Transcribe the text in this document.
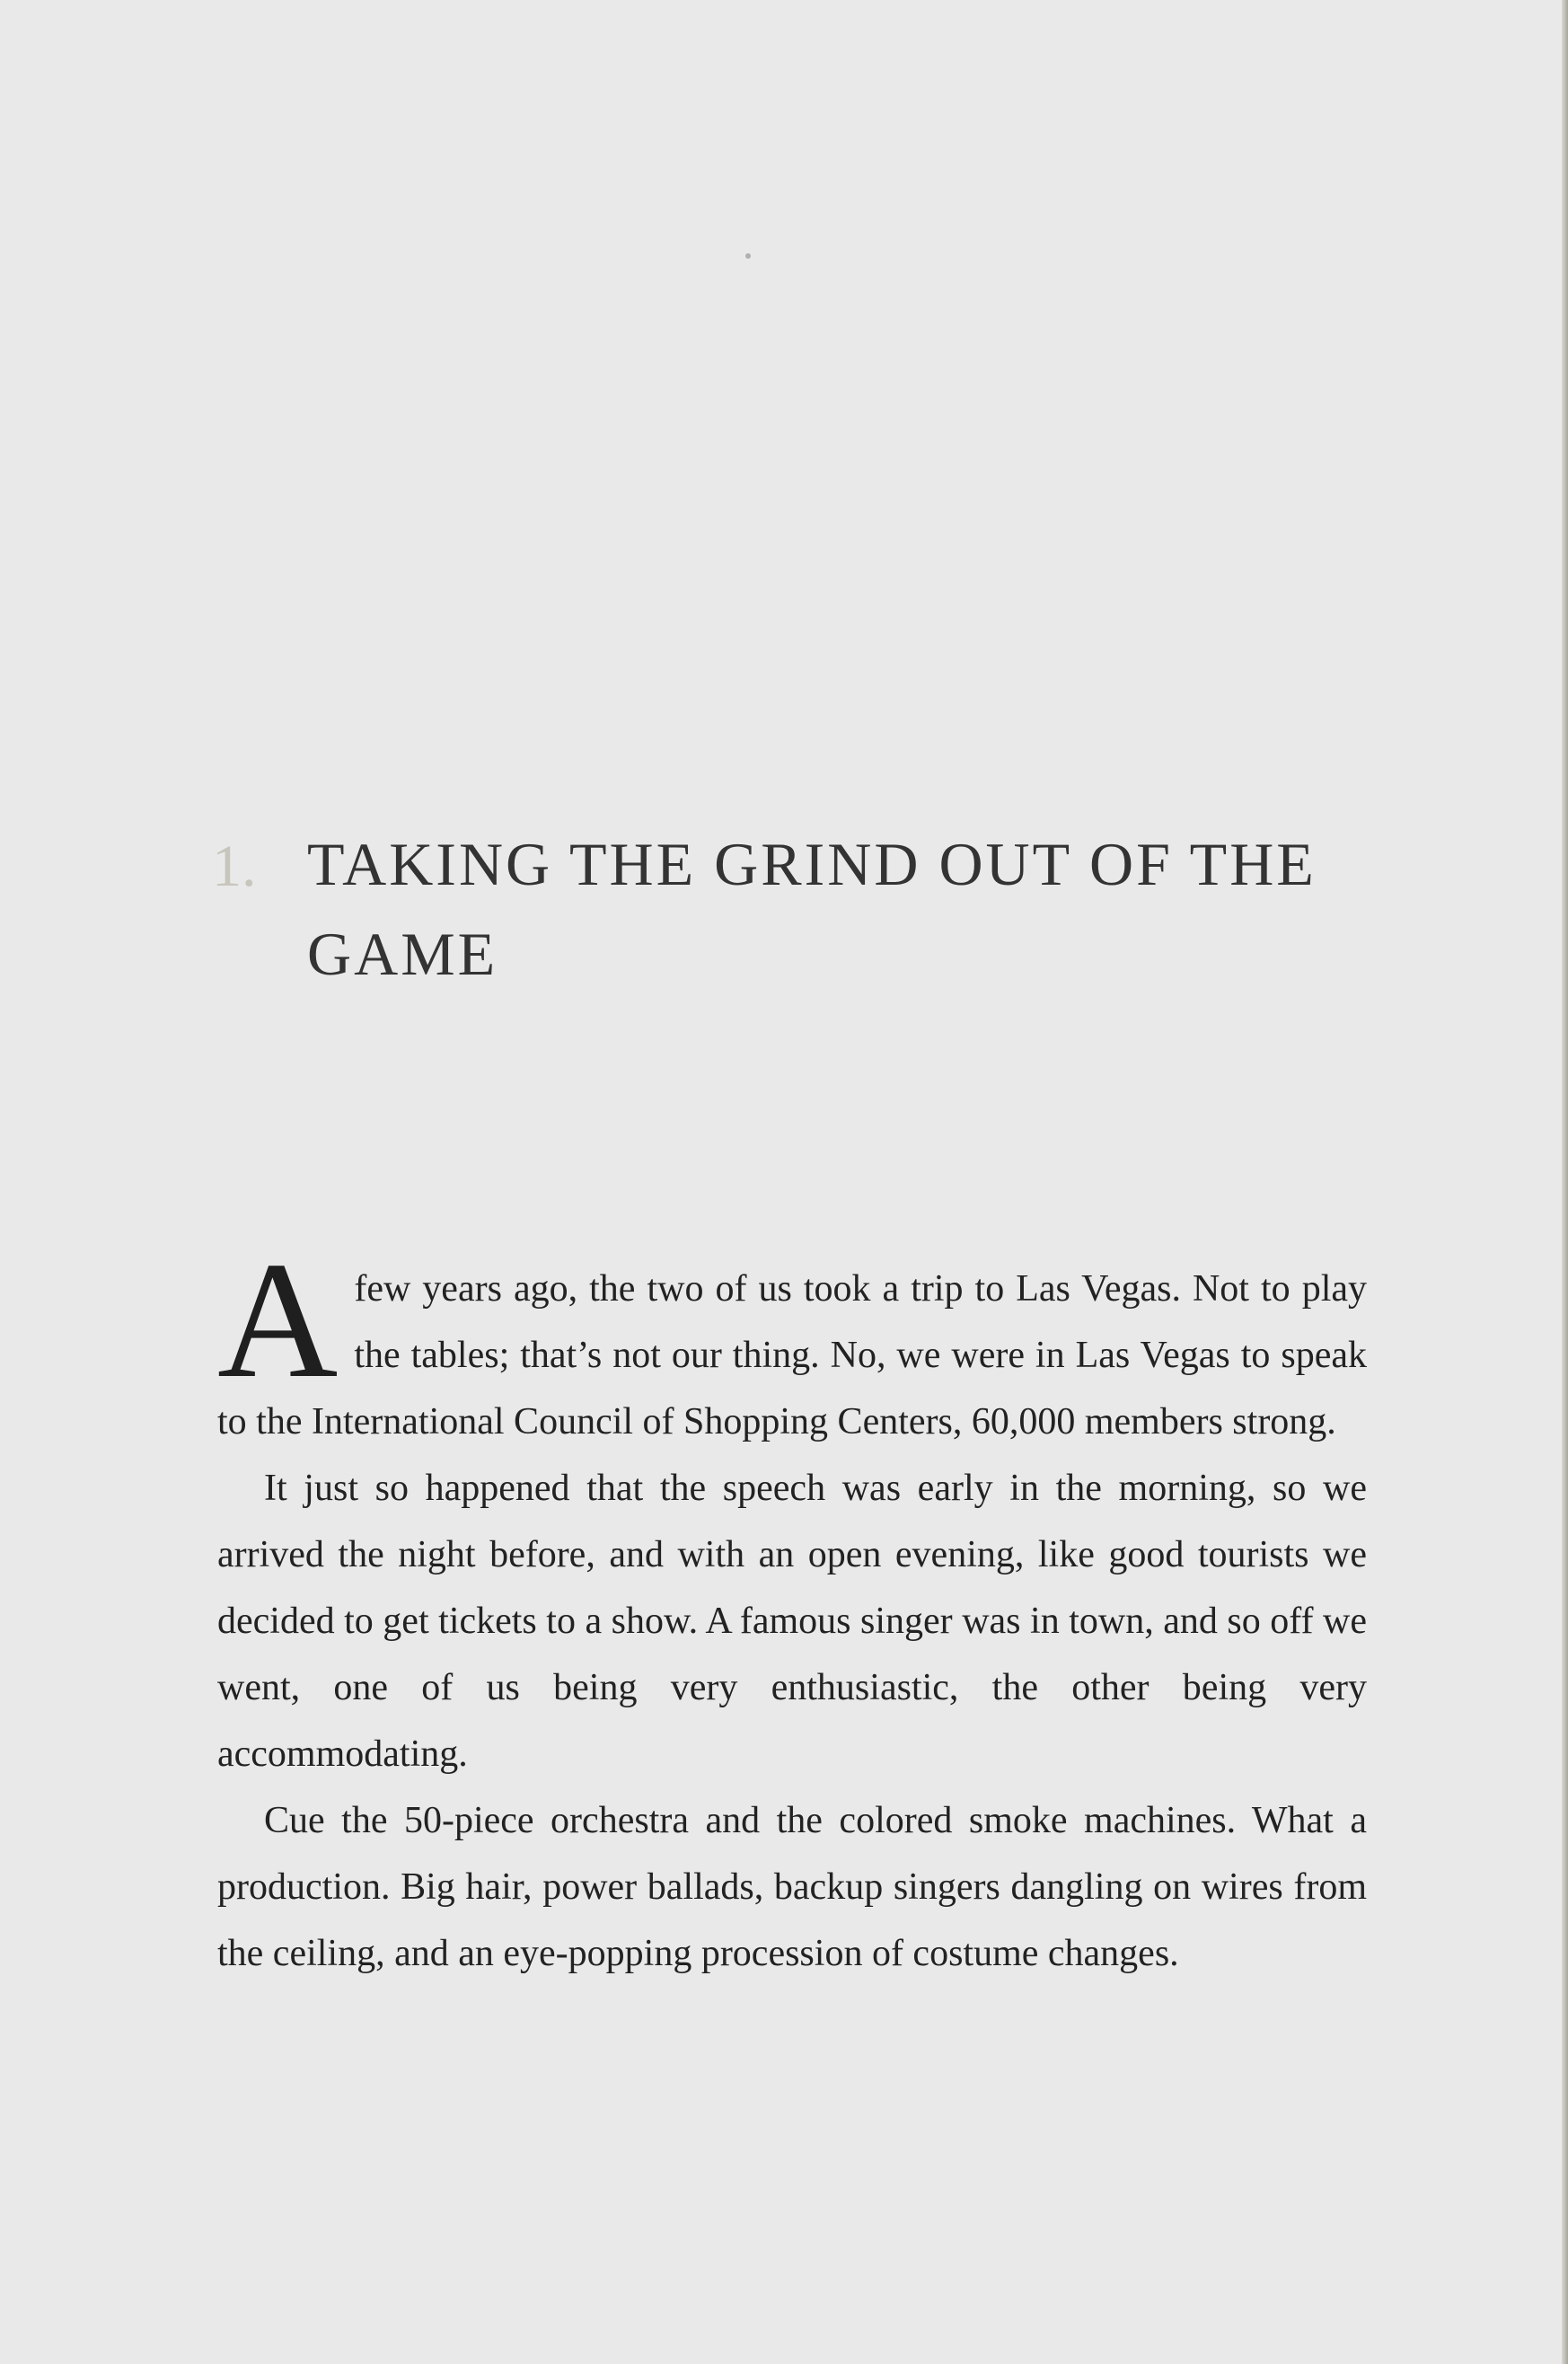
1. TAKING THE GRIND OUT OF THE GAME

Afew years ago, the two of us took a trip to Las Vegas. Not to play the tables; that’s not our thing. No, we were in Las Vegas to speak to the International Council of Shopping Centers, 60,000 members strong.

It just so happened that the speech was early in the morning, so we arrived the night before, and with an open evening, like good tourists we decided to get tickets to a show. A famous singer was in town, and so off we went, one of us being very enthusiastic, the other being very accommodating.

Cue the 50-piece orchestra and the colored smoke machines. What a production. Big hair, power ballads, backup singers dangling on wires from the ceiling, and an eye-popping procession of costume changes.
